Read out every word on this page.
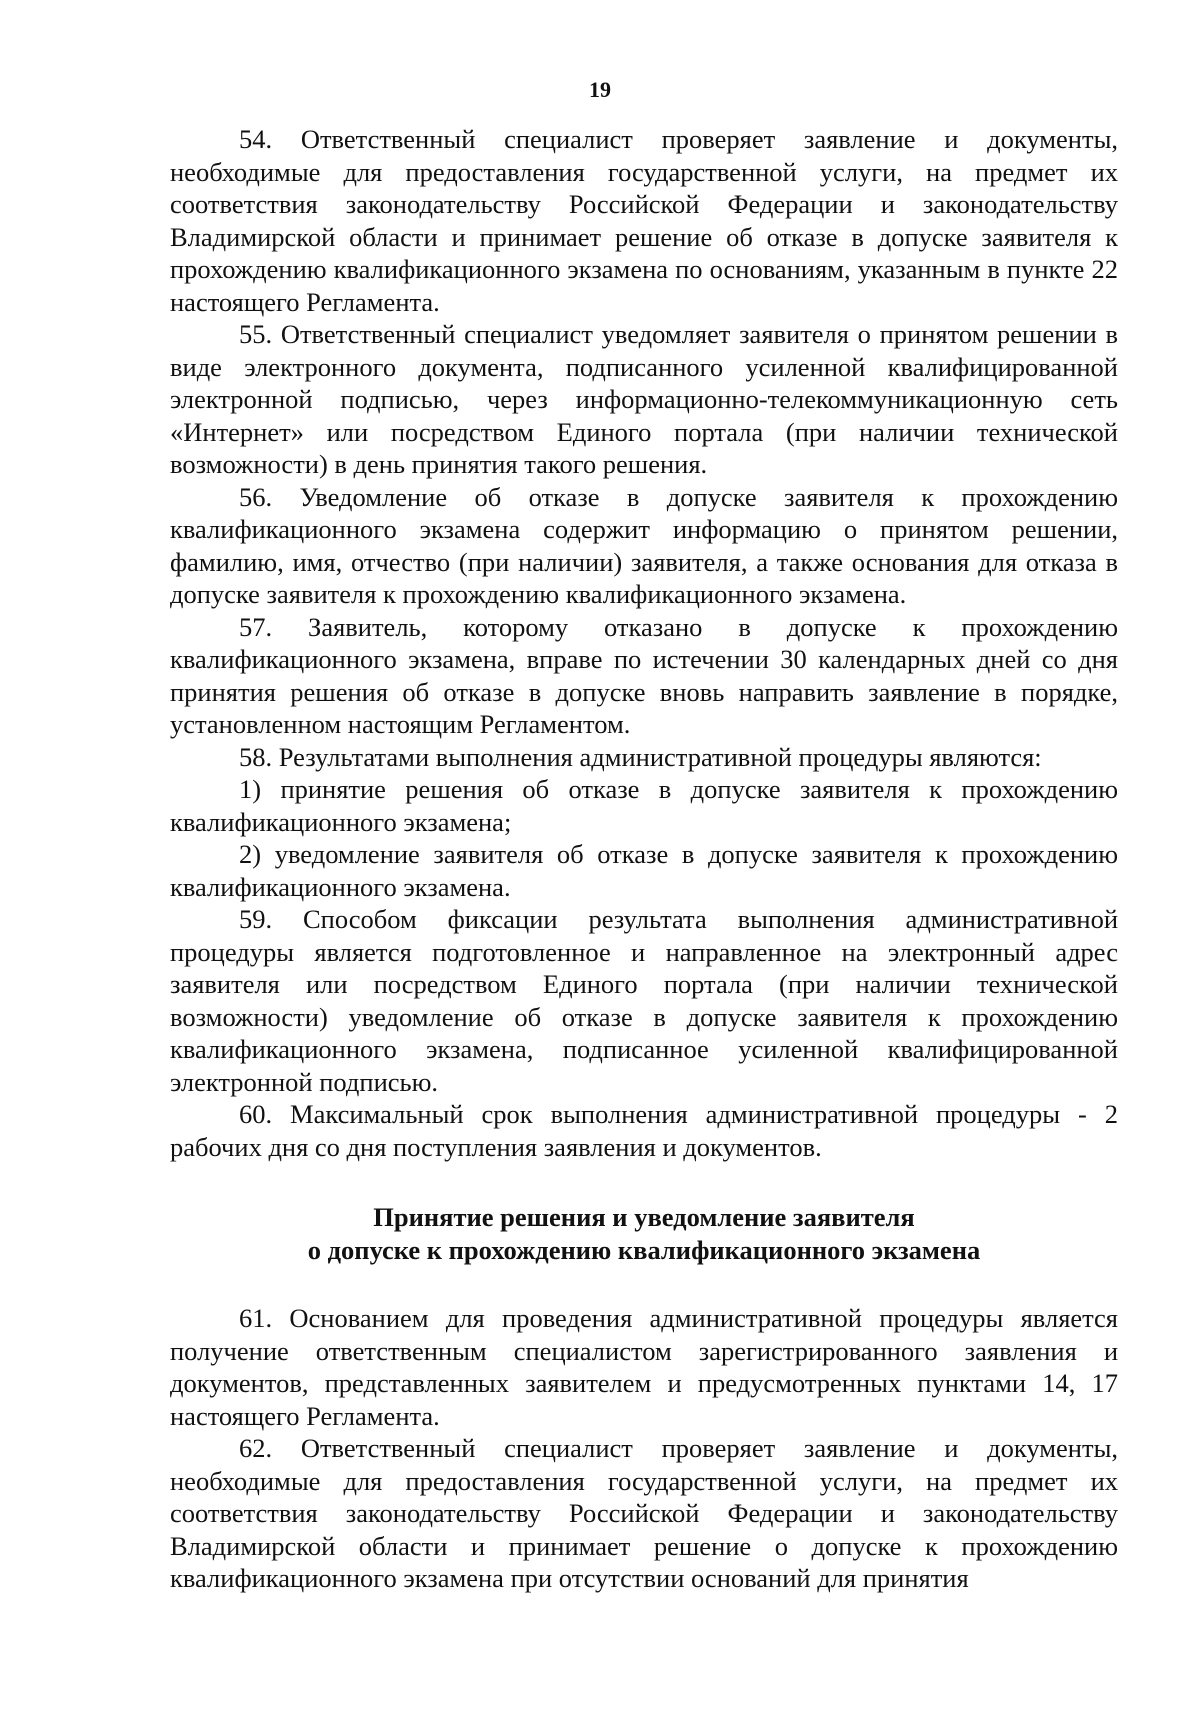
19

54. Ответственный специалист проверяет заявление и документы, необходимые для предоставления государственной услуги, на предмет их соответствия законодательству Российской Федерации и законодательству Владимирской области и принимает решение об отказе в допуске заявителя к прохождению квалификационного экзамена по основаниям, указанным в пункте 22 настоящего Регламента.

55. Ответственный специалист уведомляет заявителя о принятом решении в виде электронного документа, подписанного усиленной квалифицированной электронной подписью, через информационно-телекоммуникационную сеть «Интернет» или посредством Единого портала (при наличии технической возможности) в день принятия такого решения.

56. Уведомление об отказе в допуске заявителя к прохождению квалификационного экзамена содержит информацию о принятом решении, фамилию, имя, отчество (при наличии) заявителя, а также основания для отказа в допуске заявителя к прохождению квалификационного экзамена.

57. Заявитель, которому отказано в допуске к прохождению квалификационного экзамена, вправе по истечении 30 календарных дней со дня принятия решения об отказе в допуске вновь направить заявление в порядке, установленном настоящим Регламентом.

58. Результатами выполнения административной процедуры являются:

1) принятие решения об отказе в допуске заявителя к прохождению квалификационного экзамена;

2) уведомление заявителя об отказе в допуске заявителя к прохождению квалификационного экзамена.

59. Способом фиксации результата выполнения административной процедуры является подготовленное и направленное на электронный адрес заявителя или посредством Единого портала (при наличии технической возможности) уведомление об отказе в допуске заявителя к прохождению квалификационного экзамена, подписанное усиленной квалифицированной электронной подписью.

60. Максимальный срок выполнения административной процедуры - 2 рабочих дня со дня поступления заявления и документов.

Принятие решения и уведомление заявителя
о допуске к прохождению квалификационного экзамена

61. Основанием для проведения административной процедуры является получение ответственным специалистом зарегистрированного заявления и документов, представленных заявителем и предусмотренных пунктами 14, 17 настоящего Регламента.

62. Ответственный специалист проверяет заявление и документы, необходимые для предоставления государственной услуги, на предмет их соответствия законодательству Российской Федерации и законодательству Владимирской области и принимает решение о допуске к прохождению квалификационного экзамена при отсутствии оснований для принятия
